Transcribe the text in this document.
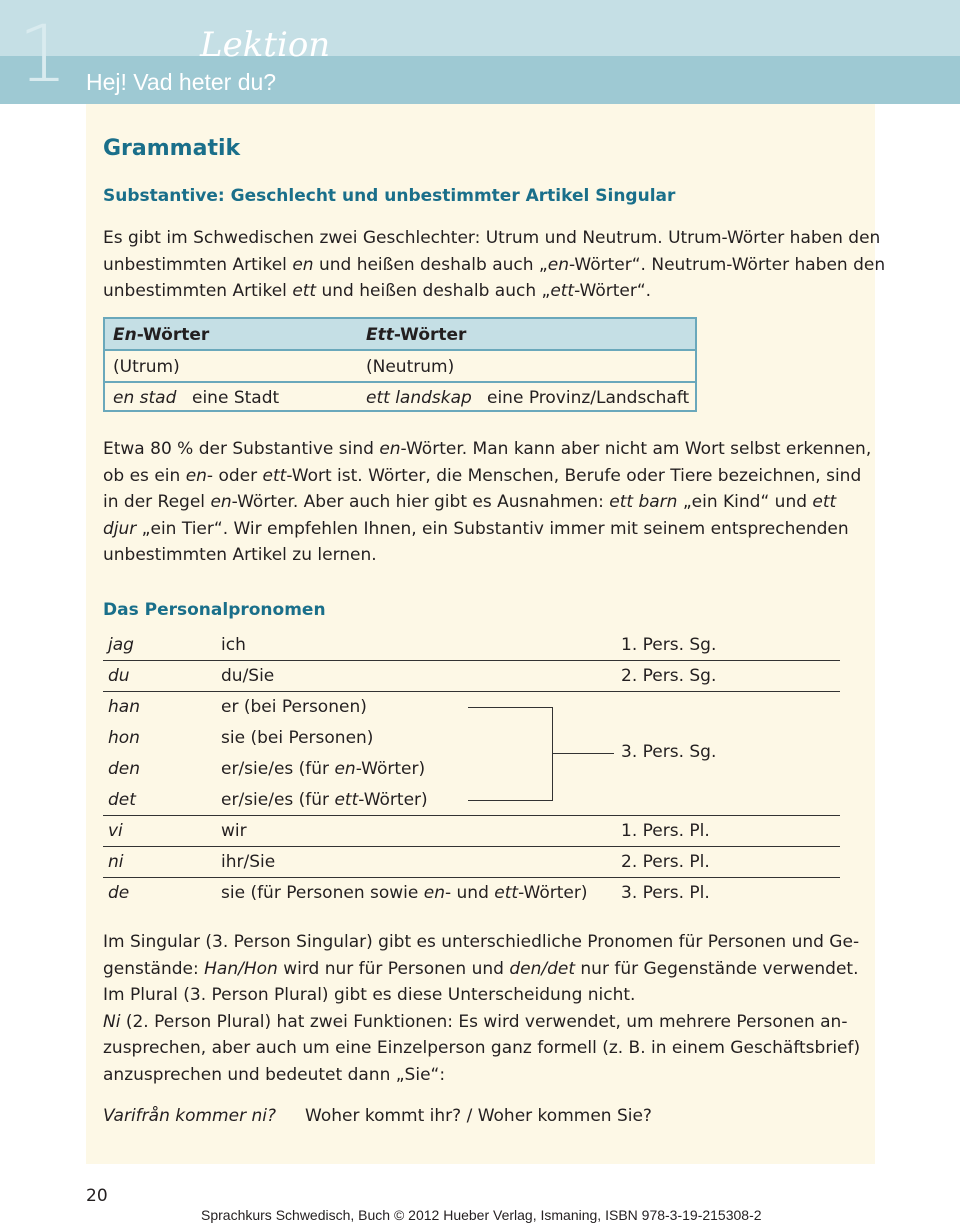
1	Lektion
Hej! Vad heter du?
Grammatik
Substantive: Geschlecht und unbestimmter Artikel Singular
Es gibt im Schwedischen zwei Geschlechter: Utrum und Neutrum. Utrum-Wörter haben den
unbestimmten Artikel en und heißen deshalb auch „en-Wörter“. Neutrum-Wörter haben den
unbestimmten Artikel ett und heißen deshalb auch „ett-Wörter“.
En-Wörter	Ett-Wörter
(Utrum)	(Neutrum)
en stad eine Stadt	ett landskap eine Provinz/Landschaft
Etwa 80 % der Substantive sind en-Wörter. Man kann aber nicht am Wort selbst erkennen,
ob es ein en- oder ett-Wort ist. Wörter, die Menschen, Berufe oder Tiere bezeichnen, sind
in der Regel en-Wörter. Aber auch hier gibt es Ausnahmen: ett barn „ein Kind“ und ett
djur „ein Tier“. Wir empfehlen Ihnen, ein Substantiv immer mit seinem entsprechenden
unbestimmten Artikel zu lernen.
Das Personalpronomen
jag	ich	1. Pers. Sg.
du	du/Sie	2. Pers. Sg.
han	er (bei Personen)
hon	sie (bei Personen)
den	er/sie/es (für en-Wörter)
det	er/sie/es (für ett-Wörter)
3. Pers. Sg.
vi	wir	1. Pers. Pl.
ni	ihr/Sie	2. Pers. Pl.
de	sie (für Personen sowie en- und ett-Wörter) 3. Pers. Pl.
Im Singular (3. Person Singular) gibt es unterschiedliche Pronomen für Personen und Ge-
genstände: Han/Hon wird nur für Personen und den/det nur für Gegenstände verwendet.
Im Plural (3. Person Plural) gibt es diese Unterscheidung nicht.
Ni (2. Person Plural) hat zwei Funktionen: Es wird verwendet, um mehrere Personen an-
zusprechen, aber auch um eine Einzelperson ganz formell (z. B. in einem Geschäftsbrief)
anzusprechen und bedeutet dann „Sie“:
Varifrån kommer ni? Woher kommt ihr? / Woher kommen Sie?
20
Sprachkurs Schwedisch, Buch © 2012 Hueber Verlag, Ismaning, ISBN 978-3-19-215308-2
